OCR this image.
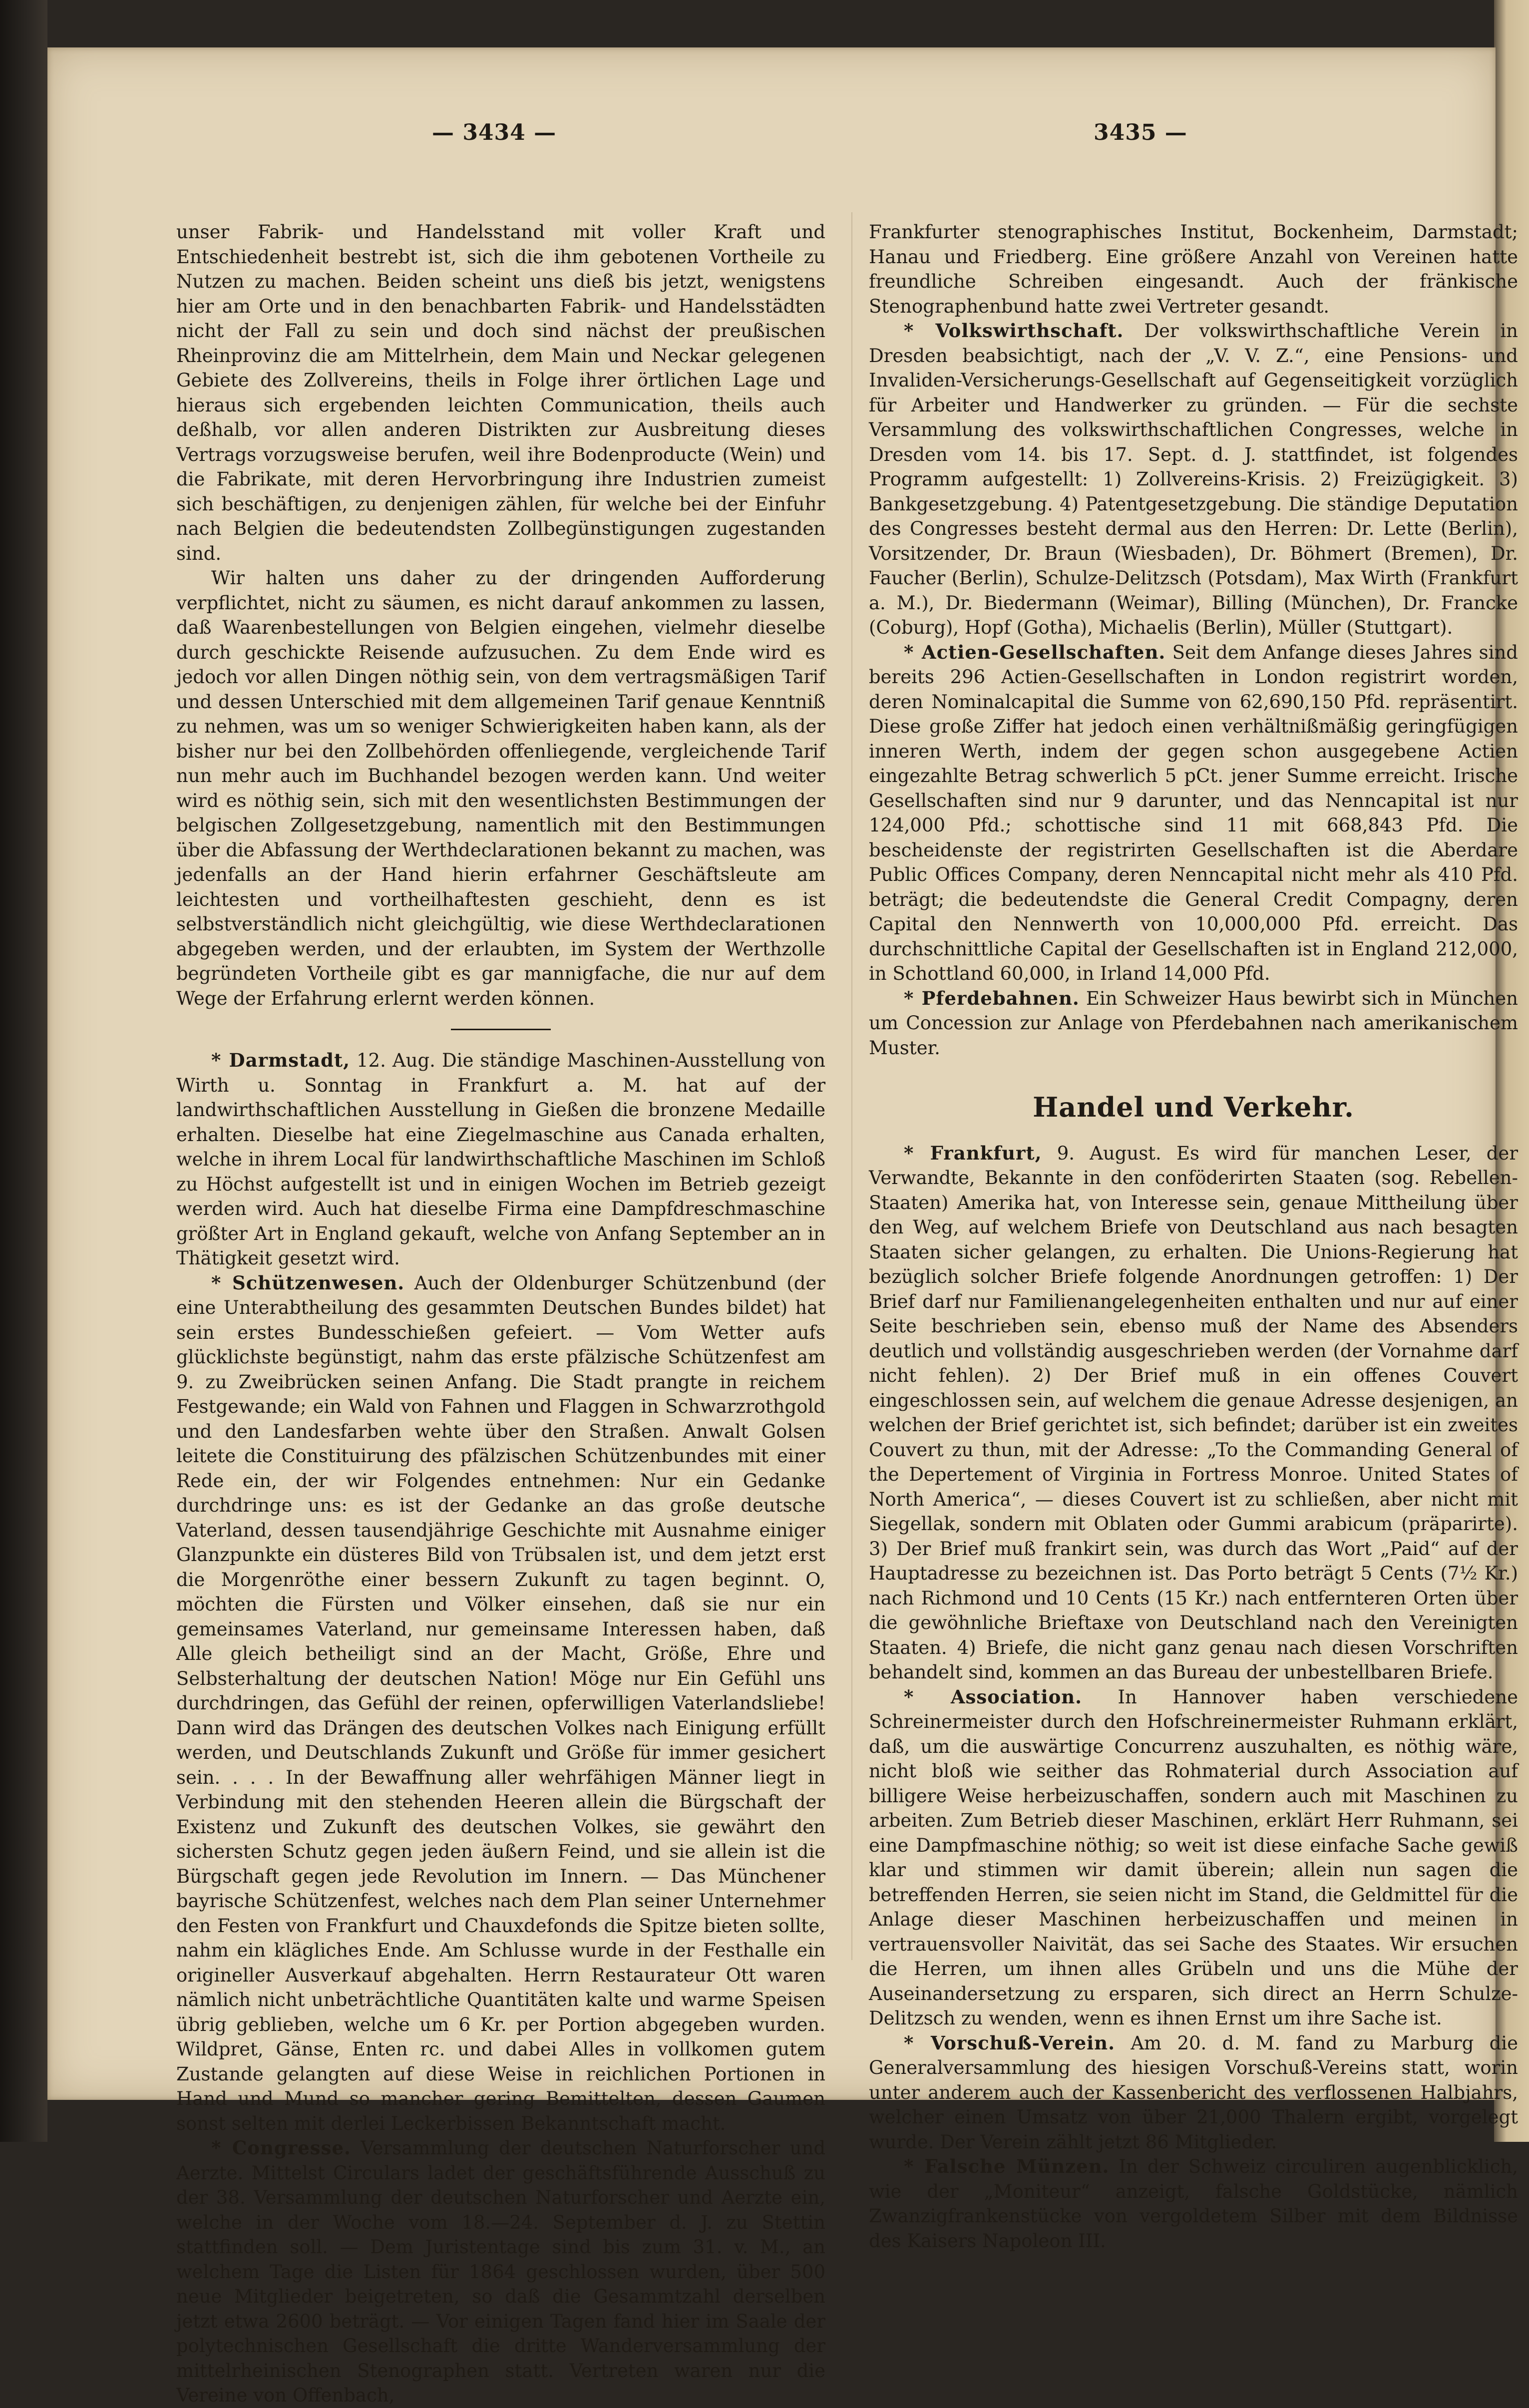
— 3434 —	3435 —

unser Fabrik- und Handelsstand mit voller Kraft und Entschiedenheit bestrebt ist, sich die ihm gebotenen Vortheile zu Nutzen zu machen. Beiden scheint uns dieß bis jetzt, wenigstens hier am Orte und in den benachbarten Fabrik- und Handelsstädten nicht der Fall zu sein und doch sind nächst der preußischen Rheinprovinz die am Mittelrhein, dem Main und Neckar gelegenen Gebiete des Zollvereins, theils in Folge ihrer örtlichen Lage und hieraus sich ergebenden leichten Communication, theils auch deßhalb, vor allen anderen Distrikten zur Ausbreitung dieses Vertrags vorzugsweise berufen, weil ihre Bodenproducte (Wein) und die Fabrikate, mit deren Hervorbringung ihre Industrien zumeist sich beschäftigen, zu denjenigen zählen, für welche bei der Einfuhr nach Belgien die bedeutendsten Zollbegünstigungen zugestanden sind.

Wir halten uns daher zu der dringenden Aufforderung verpflichtet, nicht zu säumen, es nicht darauf ankommen zu lassen, daß Waarenbestellungen von Belgien eingehen, vielmehr dieselbe durch geschickte Reisende aufzusuchen. Zu dem Ende wird es jedoch vor allen Dingen nöthig sein, von dem vertragsmäßigen Tarif und dessen Unterschied mit dem allgemeinen Tarif genaue Kenntniß zu nehmen, was um so weniger Schwierigkeiten haben kann, als der bisher nur bei den Zollbehörden offenliegende, vergleichende Tarif nun mehr auch im Buchhandel bezogen werden kann. Und weiter wird es nöthig sein, sich mit den wesentlichsten Bestimmungen der belgischen Zollgesetzgebung, namentlich mit den Bestimmungen über die Abfassung der Werthdeclarationen bekannt zu machen, was jedenfalls an der Hand hierin erfahrner Geschäftsleute am leichtesten und vortheilhaftesten geschieht, denn es ist selbstverständlich nicht gleichgültig, wie diese Werthdeclarationen abgegeben werden, und der erlaubten, im System der Werthzolle begründeten Vortheile gibt es gar mannigfache, die nur auf dem Wege der Erfahrung erlernt werden können.

* Darmstadt, 12. Aug. Die ständige Maschinen-Ausstellung von Wirth u. Sonntag in Frankfurt a. M. hat auf der landwirthschaftlichen Ausstellung in Gießen die bronzene Medaille erhalten. Dieselbe hat eine Ziegelmaschine aus Canada erhalten, welche in ihrem Local für landwirthschaftliche Maschinen im Schloß zu Höchst aufgestellt ist und in einigen Wochen im Betrieb gezeigt werden wird. Auch hat dieselbe Firma eine Dampfdreschmaschine größter Art in England gekauft, welche von Anfang September an in Thätigkeit gesetzt wird.

* Schützenwesen. Auch der Oldenburger Schützenbund (der eine Unterabtheilung des gesammten Deutschen Bundes bildet) hat sein erstes Bundesschießen gefeiert. — Vom Wetter aufs glücklichste begünstigt, nahm das erste pfälzische Schützenfest am 9. zu Zweibrücken seinen Anfang. Die Stadt prangte in reichem Festgewande; ein Wald von Fahnen und Flaggen in Schwarzrothgold und den Landesfarben wehte über den Straßen. Anwalt Golsen leitete die Constituirung des pfälzischen Schützenbundes mit einer Rede ein, der wir Folgendes entnehmen: Nur ein Gedanke durchdringe uns: es ist der Gedanke an das große deutsche Vaterland, dessen tausendjährige Geschichte mit Ausnahme einiger Glanzpunkte ein düsteres Bild von Trübsalen ist, und dem jetzt erst die Morgenröthe einer bessern Zukunft zu tagen beginnt. O, möchten die Fürsten und Völker einsehen, daß sie nur ein gemeinsames Vaterland, nur gemeinsame Interessen haben, daß Alle gleich betheiligt sind an der Macht, Größe, Ehre und Selbsterhaltung der deutschen Nation! Möge nur Ein Gefühl uns durchdringen, das Gefühl der reinen, opferwilligen Vaterlandsliebe! Dann wird das Drängen des deutschen Volkes nach Einigung erfüllt werden, und Deutschlands Zukunft und Größe für immer gesichert sein. . . . In der Bewaffnung aller wehrfähigen Männer liegt in Verbindung mit den stehenden Heeren allein die Bürgschaft der Existenz und Zukunft des deutschen Volkes, sie gewährt den sichersten Schutz gegen jeden äußern Feind, und sie allein ist die Bürgschaft gegen jede Revolution im Innern. — Das Münchener bayrische Schützenfest, welches nach dem Plan seiner Unternehmer den Festen von Frankfurt und Chauxdefonds die Spitze bieten sollte, nahm ein klägliches Ende. Am Schlusse wurde in der Festhalle ein origineller Ausverkauf abgehalten. Herrn Restaurateur Ott waren nämlich nicht unbeträchtliche Quantitäten kalte und warme Speisen übrig geblieben, welche um 6 Kr. per Portion abgegeben wurden. Wildpret, Gänse, Enten rc. und dabei Alles in vollkomen gutem Zustande gelangten auf diese Weise in reichlichen Portionen in Hand und Mund so mancher gering Bemittelten, dessen Gaumen sonst selten mit derlei Leckerbissen Bekanntschaft macht.

* Congresse. Versammlung der deutschen Naturforscher und Aerzte. Mittelst Circulars ladet der geschäftsführende Ausschuß zu der 38. Versammlung der deutschen Naturforscher und Aerzte ein, welche in der Woche vom 18.—24. September d. J. zu Stettin stattfinden soll. — Dem Juristentage sind bis zum 31. v. M., an welchem Tage die Listen für 1864 geschlossen wurden, über 500 neue Mitglieder beigetreten, so daß die Gesammtzahl derselben jetzt etwa 2600 beträgt. — Vor einigen Tagen fand hier im Saale der polytechnischen Gesellschaft die dritte Wanderversammlung der mittelrheinischen Stenographen statt. Vertreten waren nur die Vereine von Offenbach,

Frankfurter stenographisches Institut, Bockenheim, Darmstadt; Hanau und Friedberg. Eine größere Anzahl von Vereinen hatte freundliche Schreiben eingesandt. Auch der fränkische Stenographenbund hatte zwei Vertreter gesandt.

* Volkswirthschaft. Der volkswirthschaftliche Verein in Dresden beabsichtigt, nach der „V. V. Z.“, eine Pensions- und Invaliden-Versicherungs-Gesellschaft auf Gegenseitigkeit vorzüglich für Arbeiter und Handwerker zu gründen. — Für die sechste Versammlung des volkswirthschaftlichen Congresses, welche in Dresden vom 14. bis 17. Sept. d. J. stattfindet, ist folgendes Programm aufgestellt: 1) Zollvereins-Krisis. 2) Freizügigkeit. 3) Bankgesetzgebung. 4) Patentgesetzgebung. Die ständige Deputation des Congresses besteht dermal aus den Herren: Dr. Lette (Berlin), Vorsitzender, Dr. Braun (Wiesbaden), Dr. Böhmert (Bremen), Dr. Faucher (Berlin), Schulze-Delitzsch (Potsdam), Max Wirth (Frankfurt a. M.), Dr. Biedermann (Weimar), Billing (München), Dr. Francke (Coburg), Hopf (Gotha), Michaelis (Berlin), Müller (Stuttgart).

* Actien-Gesellschaften. Seit dem Anfange dieses Jahres sind bereits 296 Actien-Gesellschaften in London registrirt worden, deren Nominalcapital die Summe von 62,690,150 Pfd. repräsentirt. Diese große Ziffer hat jedoch einen verhältnißmäßig geringfügigen inneren Werth, indem der gegen schon ausgegebene Actien eingezahlte Betrag schwerlich 5 pCt. jener Summe erreicht. Irische Gesellschaften sind nur 9 darunter, und das Nenncapital ist nur 124,000 Pfd.; schottische sind 11 mit 668,843 Pfd. Die bescheidenste der registrirten Gesellschaften ist die Aberdare Public Offices Company, deren Nenncapital nicht mehr als 410 Pfd. beträgt; die bedeutendste die General Credit Compagny, deren Capital den Nennwerth von 10,000,000 Pfd. erreicht. Das durchschnittliche Capital der Gesellschaften ist in England 212,000, in Schottland 60,000, in Irland 14,000 Pfd.

* Pferdebahnen. Ein Schweizer Haus bewirbt sich in München um Concession zur Anlage von Pferdebahnen nach amerikanischem Muster.

Handel und Verkehr.

* Frankfurt, 9. August. Es wird für manchen Leser, der Verwandte, Bekannte in den conföderirten Staaten (sog. Rebellen-Staaten) Amerika hat, von Interesse sein, genaue Mittheilung über den Weg, auf welchem Briefe von Deutschland aus nach besagten Staaten sicher gelangen, zu erhalten. Die Unions-Regierung hat bezüglich solcher Briefe folgende Anordnungen getroffen: 1) Der Brief darf nur Familienangelegenheiten enthalten und nur auf einer Seite beschrieben sein, ebenso muß der Name des Absenders deutlich und vollständig ausgeschrieben werden (der Vornahme darf nicht fehlen). 2) Der Brief muß in ein offenes Couvert eingeschlossen sein, auf welchem die genaue Adresse desjenigen, an welchen der Brief gerichtet ist, sich befindet; darüber ist ein zweites Couvert zu thun, mit der Adresse: „To the Commanding General of the Depertement of Virginia in Fortress Monroe. United States of North America“, — dieses Couvert ist zu schließen, aber nicht mit Siegellak, sondern mit Oblaten oder Gummi arabicum (präparirte). 3) Der Brief muß frankirt sein, was durch das Wort „Paid“ auf der Hauptadresse zu bezeichnen ist. Das Porto beträgt 5 Cents (7½ Kr.) nach Richmond und 10 Cents (15 Kr.) nach entfernteren Orten über die gewöhnliche Brieftaxe von Deutschland nach den Vereinigten Staaten. 4) Briefe, die nicht ganz genau nach diesen Vorschriften behandelt sind, kommen an das Bureau der unbestellbaren Briefe.

* Association. In Hannover haben verschiedene Schreinermeister durch den Hofschreinermeister Ruhmann erklärt, daß, um die auswärtige Concurrenz auszuhalten, es nöthig wäre, nicht bloß wie seither das Rohmaterial durch Association auf billigere Weise herbeizuschaffen, sondern auch mit Maschinen zu arbeiten. Zum Betrieb dieser Maschinen, erklärt Herr Ruhmann, sei eine Dampfmaschine nöthig; so weit ist diese einfache Sache gewiß klar und stimmen wir damit überein; allein nun sagen die betreffenden Herren, sie seien nicht im Stand, die Geldmittel für die Anlage dieser Maschinen herbeizuschaffen und meinen in vertrauensvoller Naivität, das sei Sache des Staates. Wir ersuchen die Herren, um ihnen alles Grübeln und uns die Mühe der Auseinandersetzung zu ersparen, sich direct an Herrn Schulze-Delitzsch zu wenden, wenn es ihnen Ernst um ihre Sache ist.

* Vorschuß-Verein. Am 20. d. M. fand zu Marburg die Generalversammlung des hiesigen Vorschuß-Vereins statt, worin unter anderem auch der Kassenbericht des verflossenen Halbjahrs, welcher einen Umsatz von über 21,000 Thalern ergibt, vorgelegt wurde. Der Verein zählt jetzt 86 Mitglieder.

* Falsche Münzen. In der Schweiz circuliren augenblicklich, wie der „Moniteur“ anzeigt, falsche Goldstücke, nämlich Zwanzigfrankenstücke von vergoldetem Silber mit dem Bildnisse des Kaisers Napoleon III.
